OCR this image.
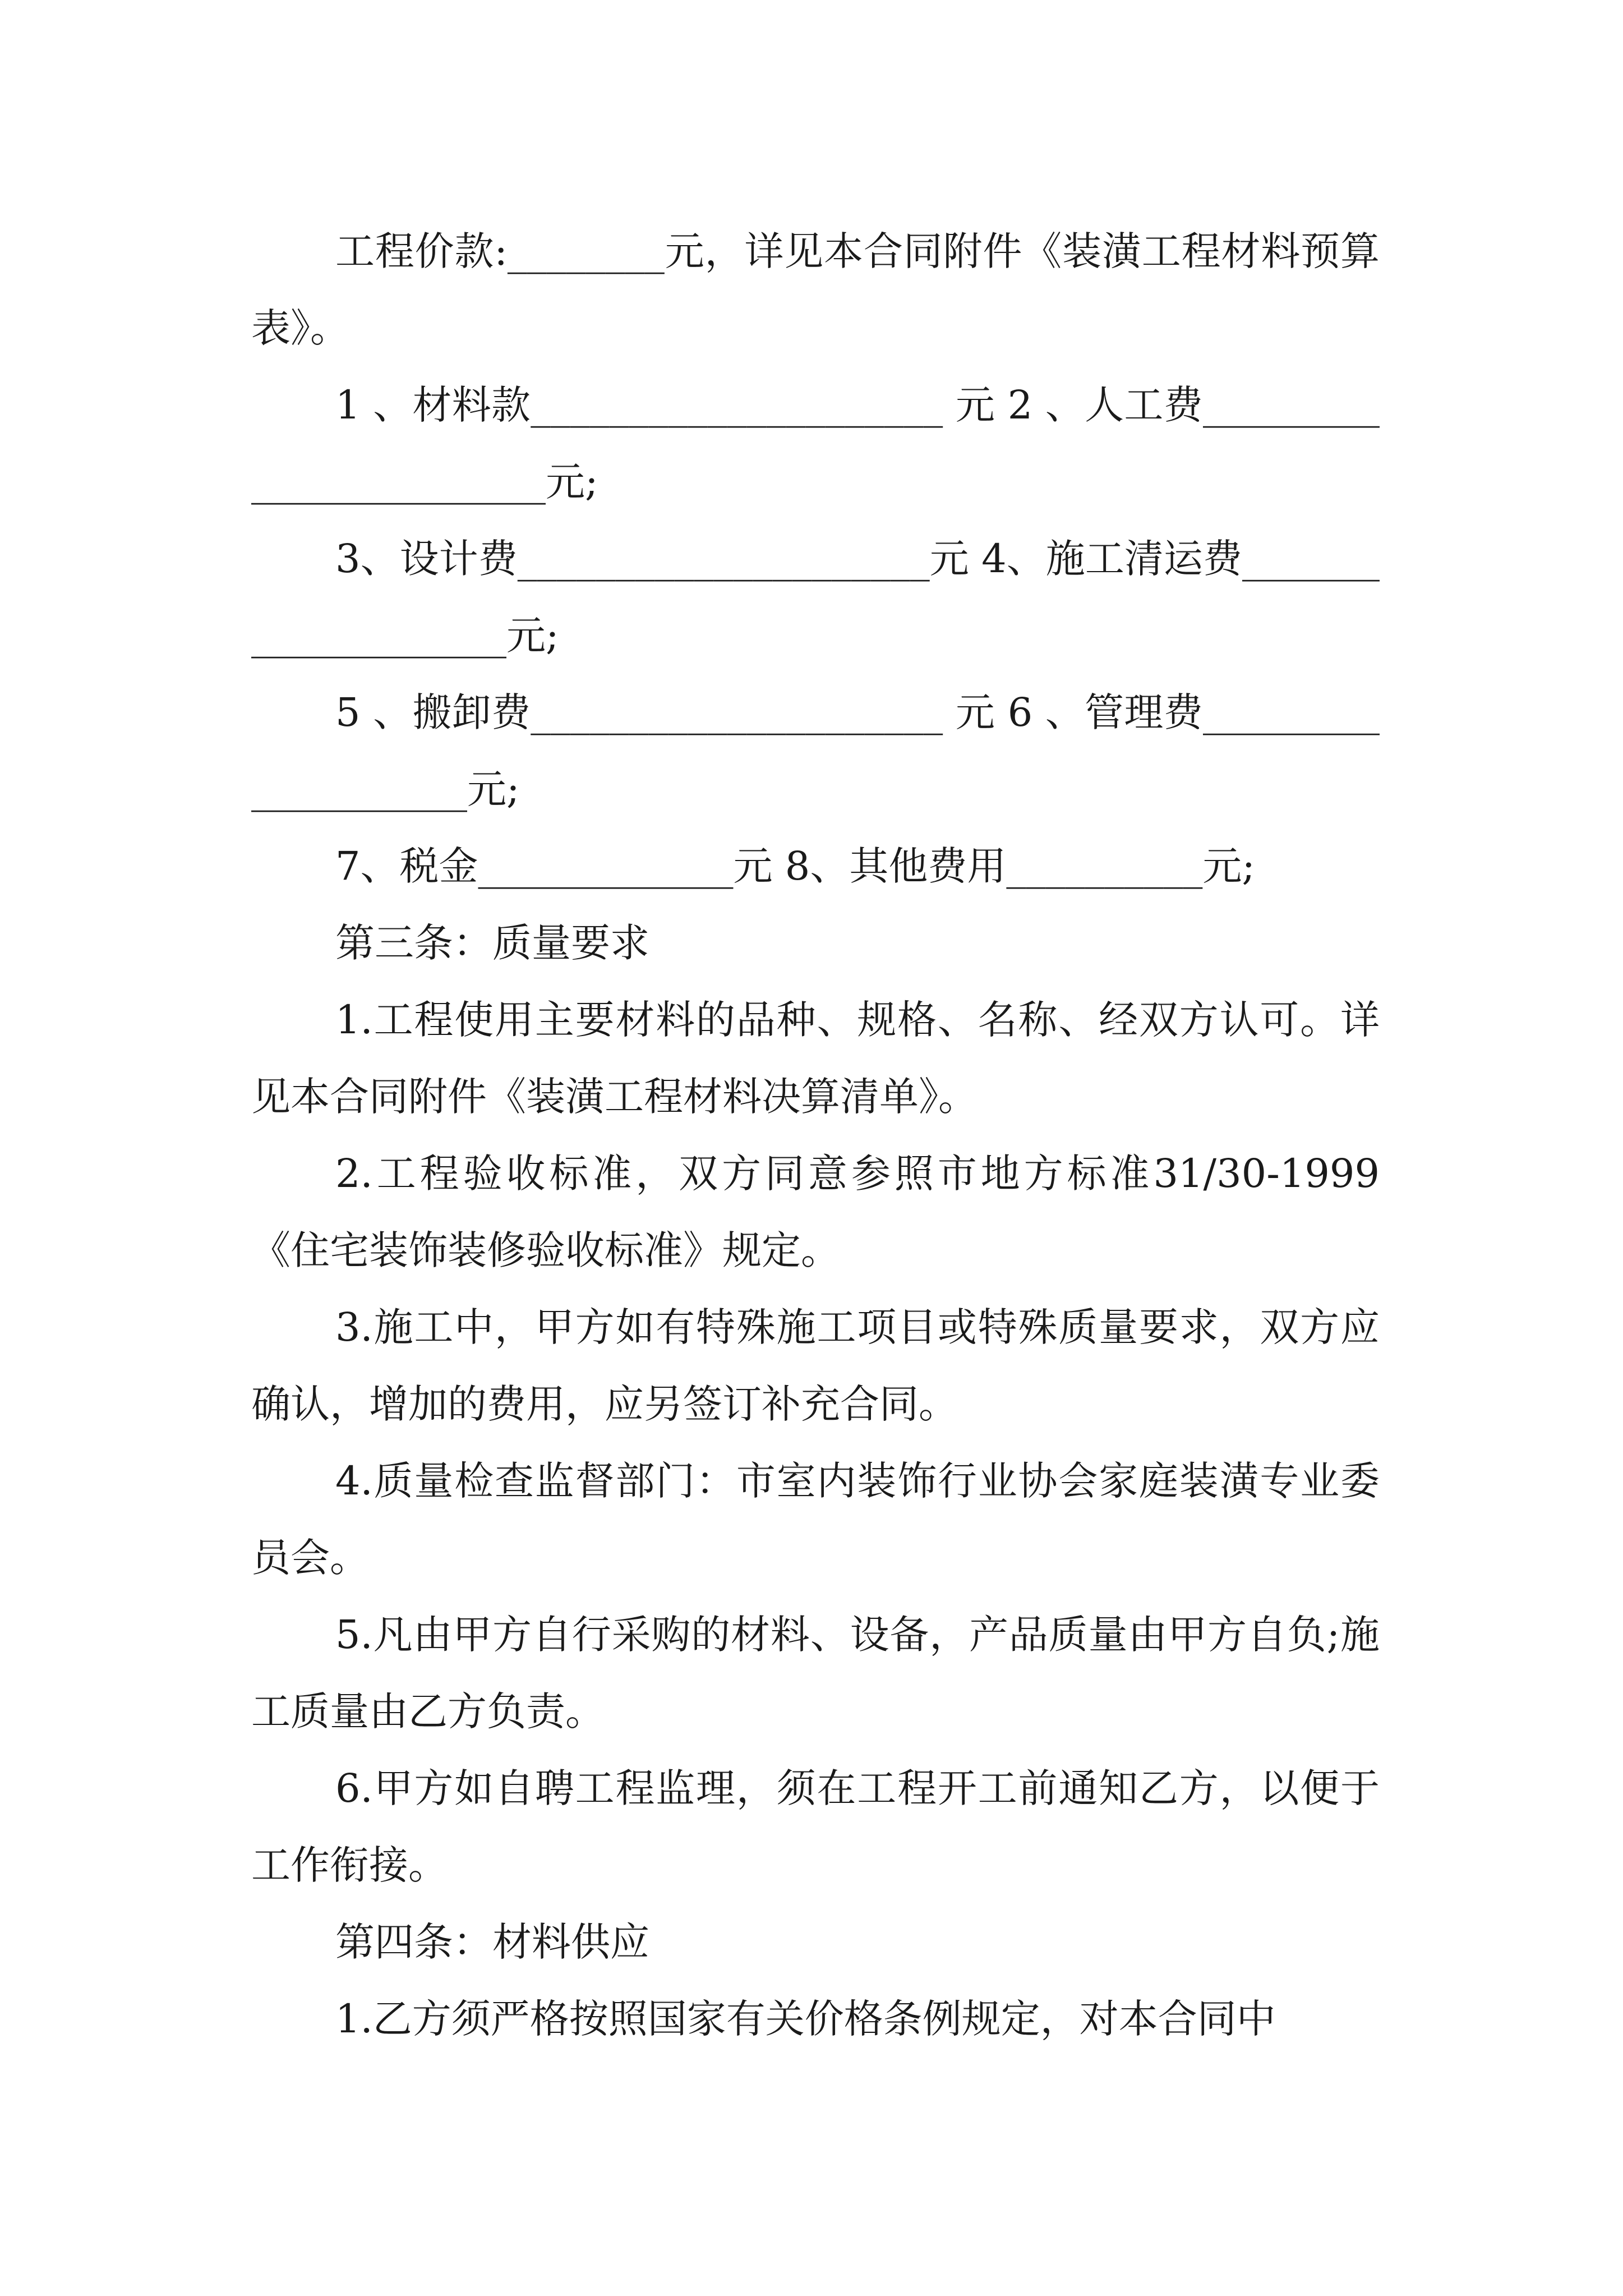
工程价款:________元，详见本合同附件《装潢工程材料预算表》。

1 、材料款_____________________ 元 2 、人工费________________________元;

3、设计费_____________________元 4、施工清运费____________________元;

5 、搬卸费_____________________ 元 6 、管理费____________________元;

7、税金_____________元 8、其他费用__________元;

第三条：质量要求

1.工程使用主要材料的品种、规格、名称、经双方认可。详见本合同附件《装潢工程材料决算清单》。

2.工程验收标准，双方同意参照市地方标准31/30-1999《住宅装饰装修验收标准》规定。

3.施工中，甲方如有特殊施工项目或特殊质量要求，双方应确认，增加的费用，应另签订补充合同。

4.质量检查监督部门：市室内装饰行业协会家庭装潢专业委员会。

5.凡由甲方自行采购的材料、设备，产品质量由甲方自负;施工质量由乙方负责。

6.甲方如自聘工程监理，须在工程开工前通知乙方，以便于工作衔接。

第四条：材料供应

1.乙方须严格按照国家有关价格条例规定，对本合同中
